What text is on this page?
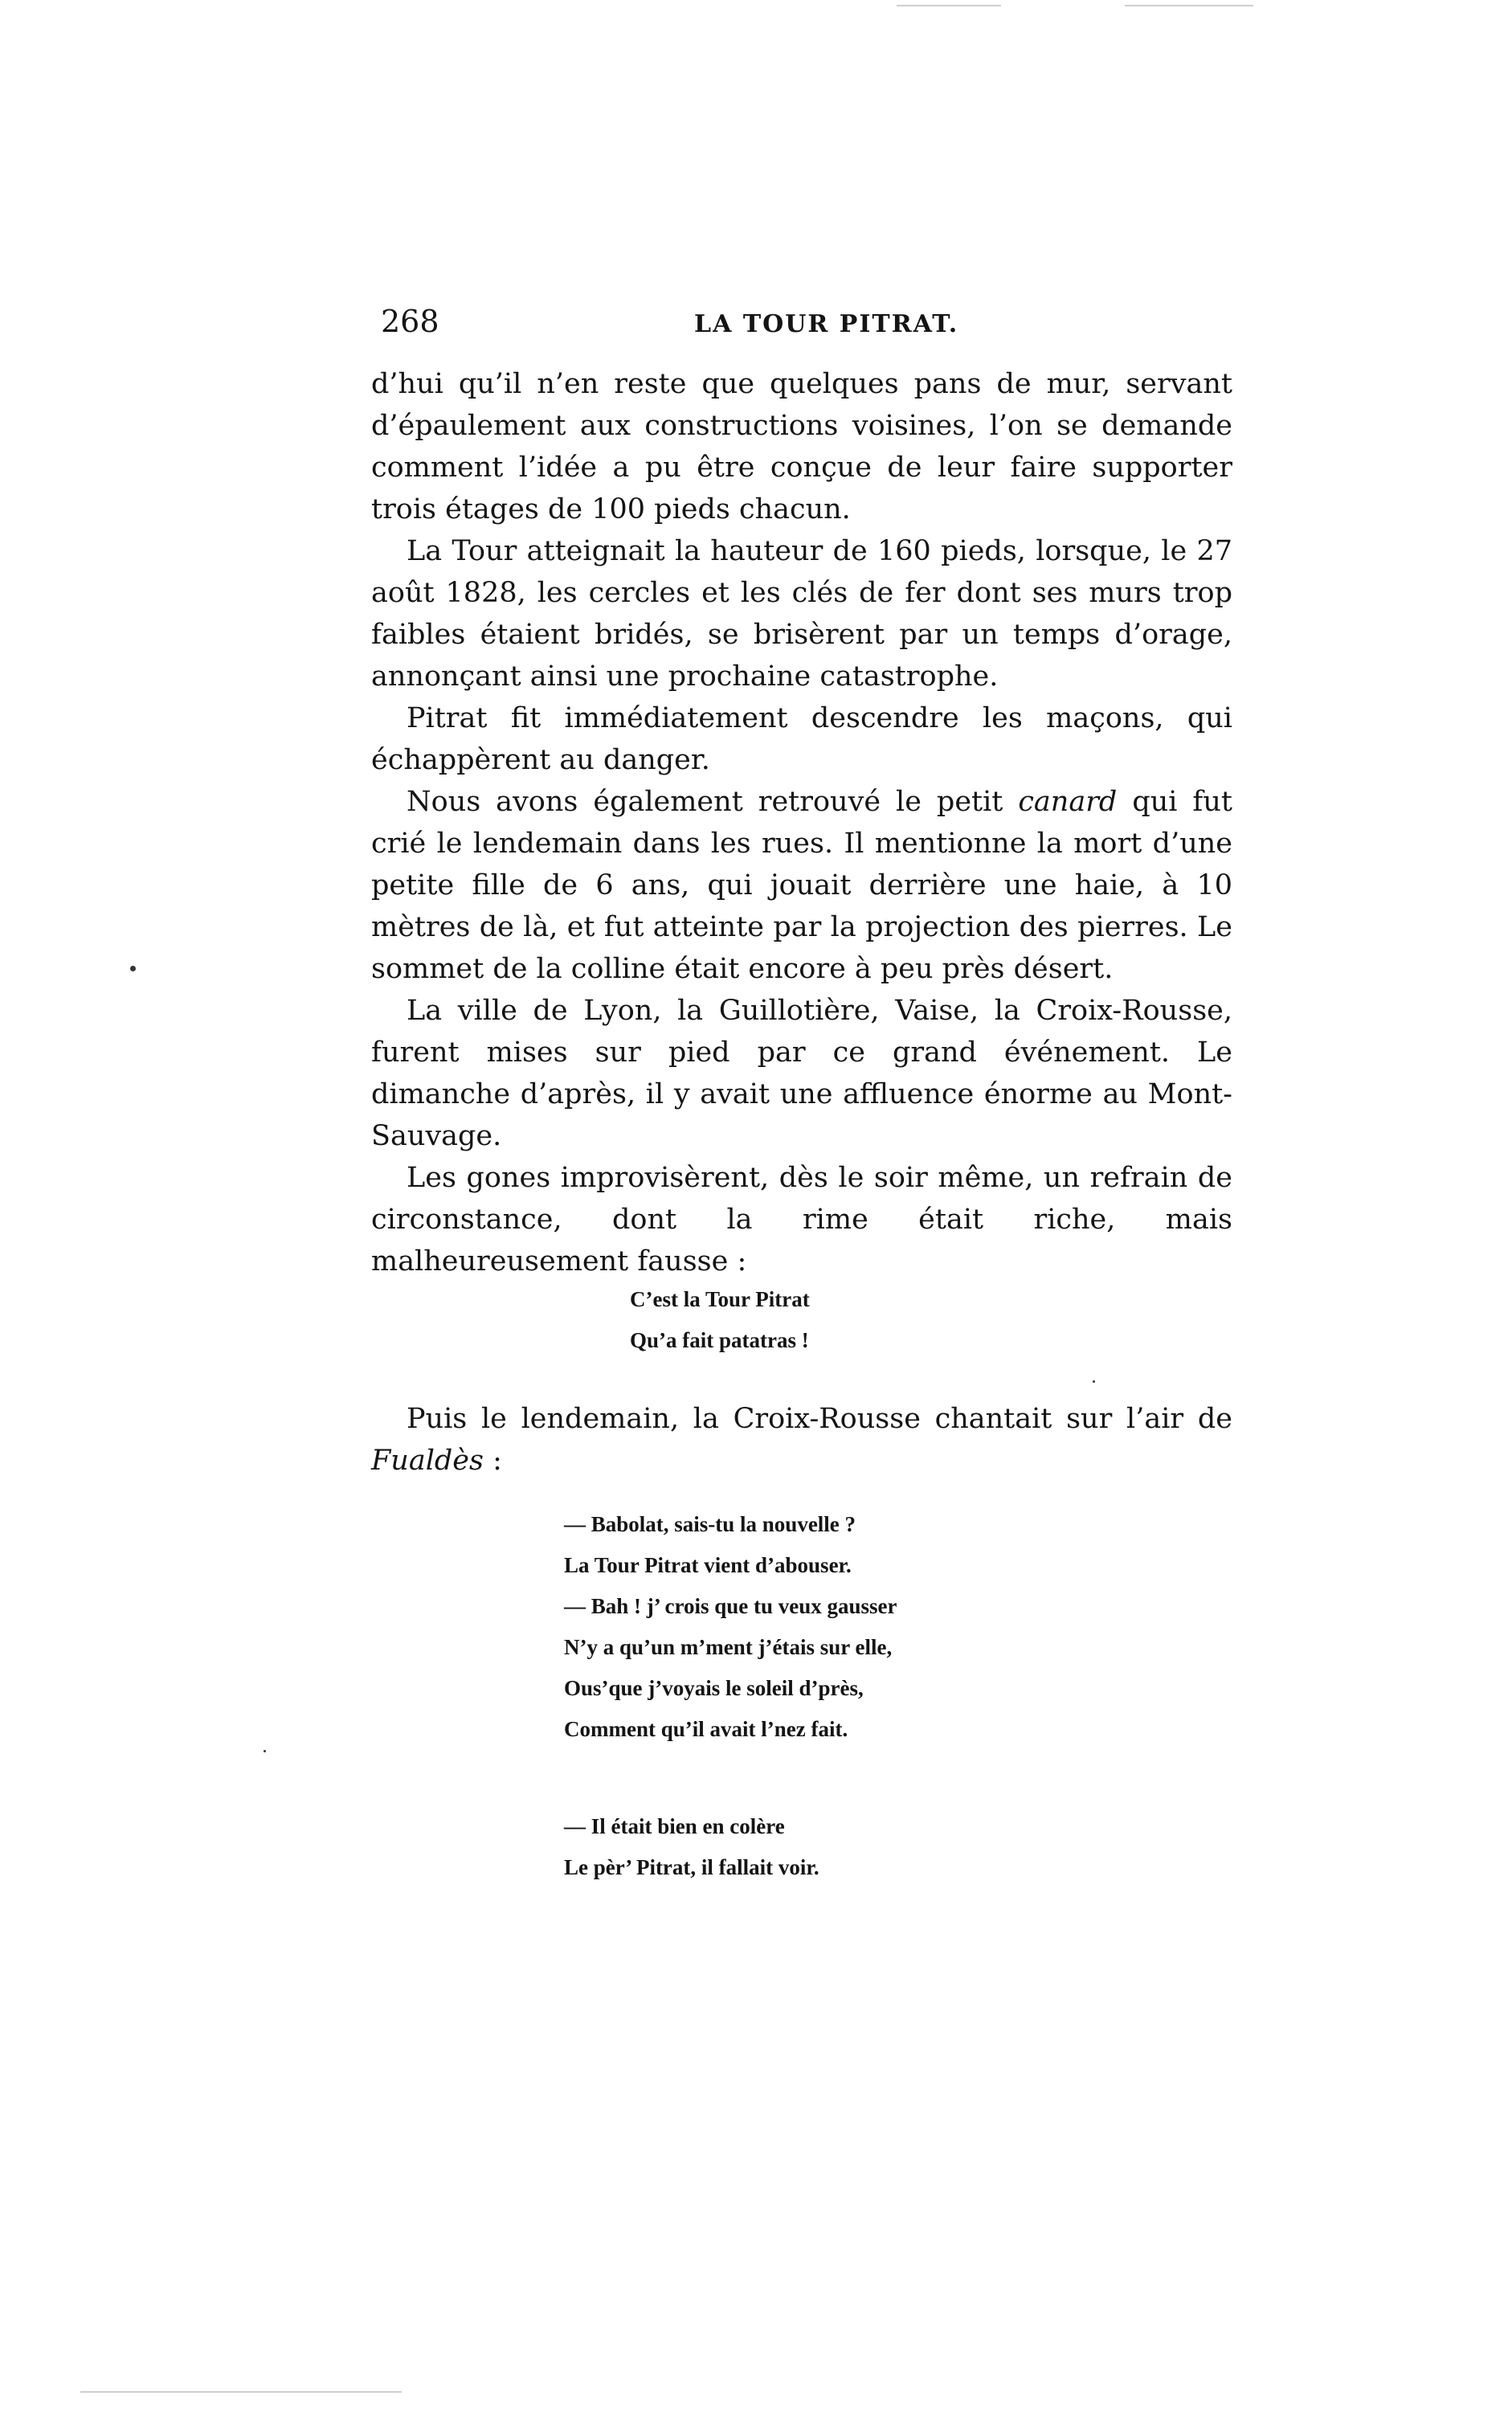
268	LA TOUR PITRAT.

d’hui qu’il n’en reste que quelques pans de mur, servant d’épaulement aux constructions voisines, l’on se demande comment l’idée a pu être conçue de leur faire supporter trois étages de 100 pieds chacun.

La Tour atteignait la hauteur de 160 pieds, lorsque, le 27 août 1828, les cercles et les clés de fer dont ses murs trop faibles étaient bridés, se brisèrent par un temps d’orage, annonçant ainsi une prochaine catastrophe.

Pitrat fit immédiatement descendre les maçons, qui échappèrent au danger.

Nous avons également retrouvé le petit canard qui fut crié le lendemain dans les rues. Il mentionne la mort d’une petite fille de 6 ans, qui jouait derrière une haie, à 10 mètres de là, et fut atteinte par la projection des pierres. Le sommet de la colline était encore à peu près désert.

La ville de Lyon, la Guillotière, Vaise, la Croix-Rousse, furent mises sur pied par ce grand événement. Le dimanche d’après, il y avait une affluence énorme au Mont-Sauvage.

Les gones improvisèrent, dès le soir même, un refrain de circonstance, dont la rime était riche, mais malheureusement fausse :

C’est la Tour Pitrat
Qu’a fait patatras !

Puis le lendemain, la Croix-Rousse chantait sur l’air de Fualdès :

— Babolat, sais-tu la nouvelle ?
La Tour Pitrat vient d’abouser.
— Bah ! j’ crois que tu veux gausser
N’y a qu’un m’ment j’étais sur elle,
Ous’que j’voyais le soleil d’près,
Comment qu’il avait l’nez fait.
— Il était bien en colère
Le pèr’ Pitrat, il fallait voir.
